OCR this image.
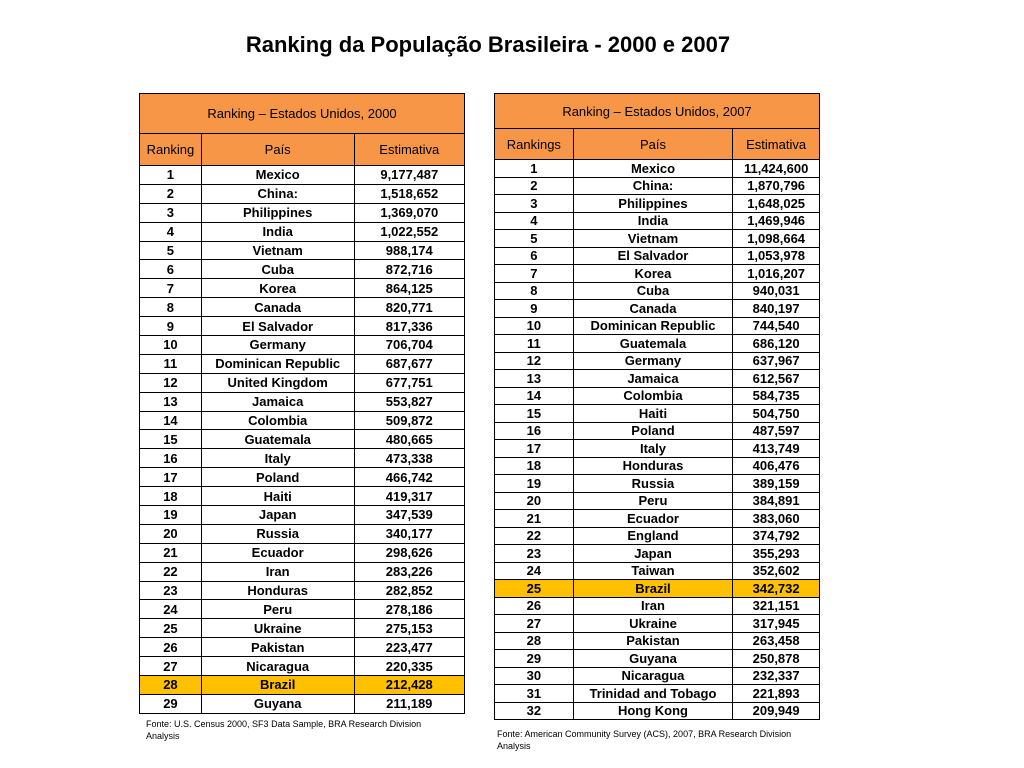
Ranking da População Brasileira - 2000 e 2007
Ranking – Estados Unidos, 2000		
Ranking	País	Estimativa
1	Mexico	9,177,487
2	China:	1,518,652
3	Philippines	1,369,070
4	India	1,022,552
5	Vietnam	988,174
6	Cuba	872,716
7	Korea	864,125
8	Canada	820,771
9	El Salvador	817,336
10	Germany	706,704
11	Dominican Republic	687,677
12	United Kingdom	677,751
13	Jamaica	553,827
14	Colombia	509,872
15	Guatemala	480,665
16	Italy	473,338
17	Poland	466,742
18	Haiti	419,317
19	Japan	347,539
20	Russia	340,177
21	Ecuador	298,626
22	Iran	283,226
23	Honduras	282,852
24	Peru	278,186
25	Ukraine	275,153
26	Pakistan	223,477
27	Nicaragua	220,335
28	Brazil	212,428
29	Guyana	211,189
Fonte: U.S. Census 2000, SF3 Data Sample, BRA Research Division Analysis
Ranking – Estados Unidos, 2007		
Rankings	País	Estimativa
1	Mexico	11,424,600
2	China:	1,870,796
3	Philippines	1,648,025
4	India	1,469,946
5	Vietnam	1,098,664
6	El Salvador	1,053,978
7	Korea	1,016,207
8	Cuba	940,031
9	Canada	840,197
10	Dominican Republic	744,540
11	Guatemala	686,120
12	Germany	637,967
13	Jamaica	612,567
14	Colombia	584,735
15	Haiti	504,750
16	Poland	487,597
17	Italy	413,749
18	Honduras	406,476
19	Russia	389,159
20	Peru	384,891
21	Ecuador	383,060
22	England	374,792
23	Japan	355,293
24	Taiwan	352,602
25	Brazil	342,732
26	Iran	321,151
27	Ukraine	317,945
28	Pakistan	263,458
29	Guyana	250,878
30	Nicaragua	232,337
31	Trinidad and Tobago	221,893
32	Hong Kong	209,949
Fonte: American Community Survey (ACS), 2007, BRA Research Division Analysis
